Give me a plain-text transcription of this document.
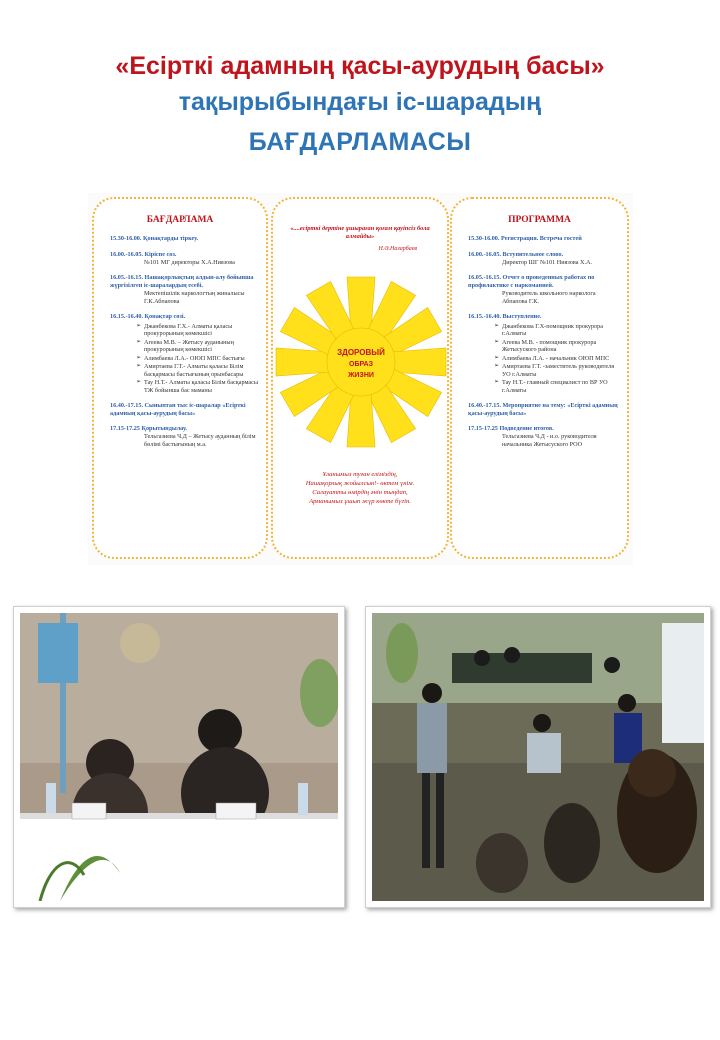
«Есірткі адамның қасы-аурудың басы»
тақырыбындағы іс-шарадың
БАҒДАРЛАМАСЫ
БАҒДАРЛАМА
15.30-16.00. Қонақтарды тіркеу.
16.00.-16.05. Кіріспе сөз.
№101 МГ директоры Х.А.Ниязова
16.05.-16.15. Нашақорлықтың алдын-алу бойынша жүргізілген іс-шаралардың есебі.
Мектепішілік наркологтың жиналысы Г.К.Абпапова
16.15.-16.40. Қонақтар сөзі.
➢ Джанбекова Г.Х.- Алматы қаласы прокурорының көмекшісі
➢ Агеева М.В. – Жетысу ауданының прокурорының көмекшісі
➢ Алимбаева Л.А.- ОЮП МПС бастығы
➢ Амиртаева Г.Т.- Алматы қаласы Білім басқармасы бастығының орынбасары
➢ Тау Н.Т.- Алматы қаласы Білім басқармасы ТЖ бойынша бас маманы
16.40.-17.15. Сыныптан тыс іс-шаралар «Есірткі адамның қасы-аурудың басы»
17.15-17.25 Қорытындылау.
Тельгазиева Ч.Д – Жетысу ауданның білім бөлімі бастығының м.а.
«....есірткі дертіне ұшыраған қоғам қауіпсіз бола алмайды»
Н.Ә.Назарбаев
ЗДОРОВЫЙ
ОБРАЗ
ЖИЗНИ
Ұланымыз туған еліміздің,
Нашақорлық жойылсын!- өктем үнім.
Салауатты өмірдің әнін тыңдап,
Арманымыз ұшып жүр көкте бүгін.
ПРОГРАММА
15.30-16.00. Регистрация. Встреча гостей
16.00.-16.05. Вступительное слово.
Директор ШГ №101 Ниязова Х.А.
16.05.-16.15. Отчет о проведенных работах по профилактике с наркоманией.
Руководитель школьного нарколога Абпапова Г.К.
16.15.-16.40. Выступление.
➢ Джанбекова Г.Х-помощник прокурора г.Алматы
➢ Агеева М.В. - помощник прокурора Жетысуского района
➢ Алимбаева Л.А. - начальник ОЮП МПС
➢ Амиртаева Г.Т. -заместитель руководителя УО г.Алматы
➢ Тау Н.Т.- главный специалист по ВР УО г.Алматы
16.40.-17.15. Мероприятие на тему: «Есірткі адамның қасы-аурудың басы»
17.15-17.25 Подведение итогов.
Тельгазиева Ч.Д - и.о. руководителя начальника Жетысуского РОО
